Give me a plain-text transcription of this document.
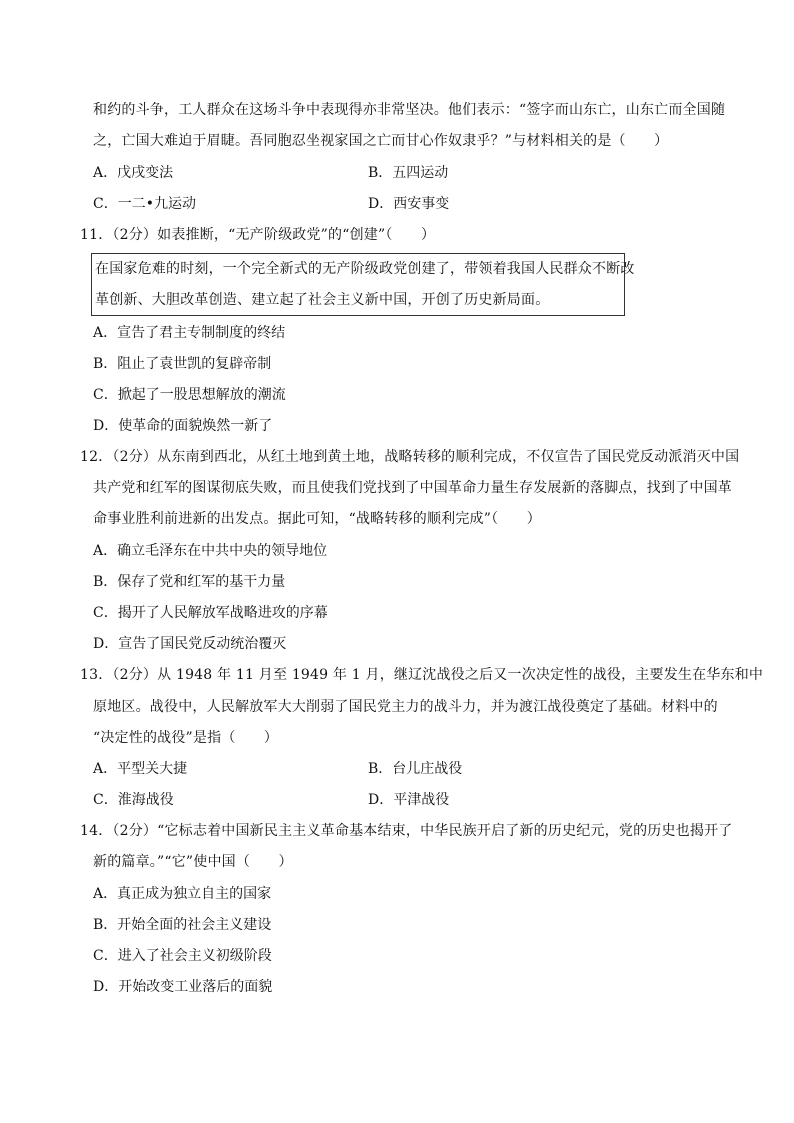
和约的斗争，工人群众在这场斗争中表现得亦非常坚决。他们表示：“签字而山东亡，山东亡而全国随
之，亡国大难迫于眉睫。吾同胞忍坐视家国之亡而甘心作奴隶乎？”与材料相关的是（　　）
A．戊戌变法	B．五四运动
C．一二•九运动	D．西安事变
11．（2分）如表推断，“无产阶级政党”的“创建”（　　）
在国家危难的时刻，一个完全新式的无产阶级政党创建了，带领着我国人民群众不断改
革创新、大胆改革创造、建立起了社会主义新中国，开创了历史新局面。
A．宣告了君主专制制度的终结
B．阻止了袁世凯的复辟帝制
C．掀起了一股思想解放的潮流
D．使革命的面貌焕然一新了
12．（2分）从东南到西北，从红土地到黄土地，战略转移的顺利完成，不仅宣告了国民党反动派消灭中国
共产党和红军的图谋彻底失败，而且使我们党找到了中国革命力量生存发展新的落脚点，找到了中国革
命事业胜利前进新的出发点。据此可知，“战略转移的顺利完成”（　　）
A．确立毛泽东在中共中央的领导地位
B．保存了党和红军的基干力量
C．揭开了人民解放军战略进攻的序幕
D．宣告了国民党反动统治覆灭
13．（2分）从 1948 年 11 月至 1949 年 1 月，继辽沈战役之后又一次决定性的战役，主要发生在华东和中
原地区。战役中，人民解放军大大削弱了国民党主力的战斗力，并为渡江战役奠定了基础。材料中的
“决定性的战役”是指（　　）
A．平型关大捷	B．台儿庄战役
C．淮海战役	D．平津战役
14．（2分）“它标志着中国新民主主义革命基本结束，中华民族开启了新的历史纪元，党的历史也揭开了
新的篇章。”“它”使中国（　　）
A．真正成为独立自主的国家
B．开始全面的社会主义建设
C．进入了社会主义初级阶段
D．开始改变工业落后的面貌
